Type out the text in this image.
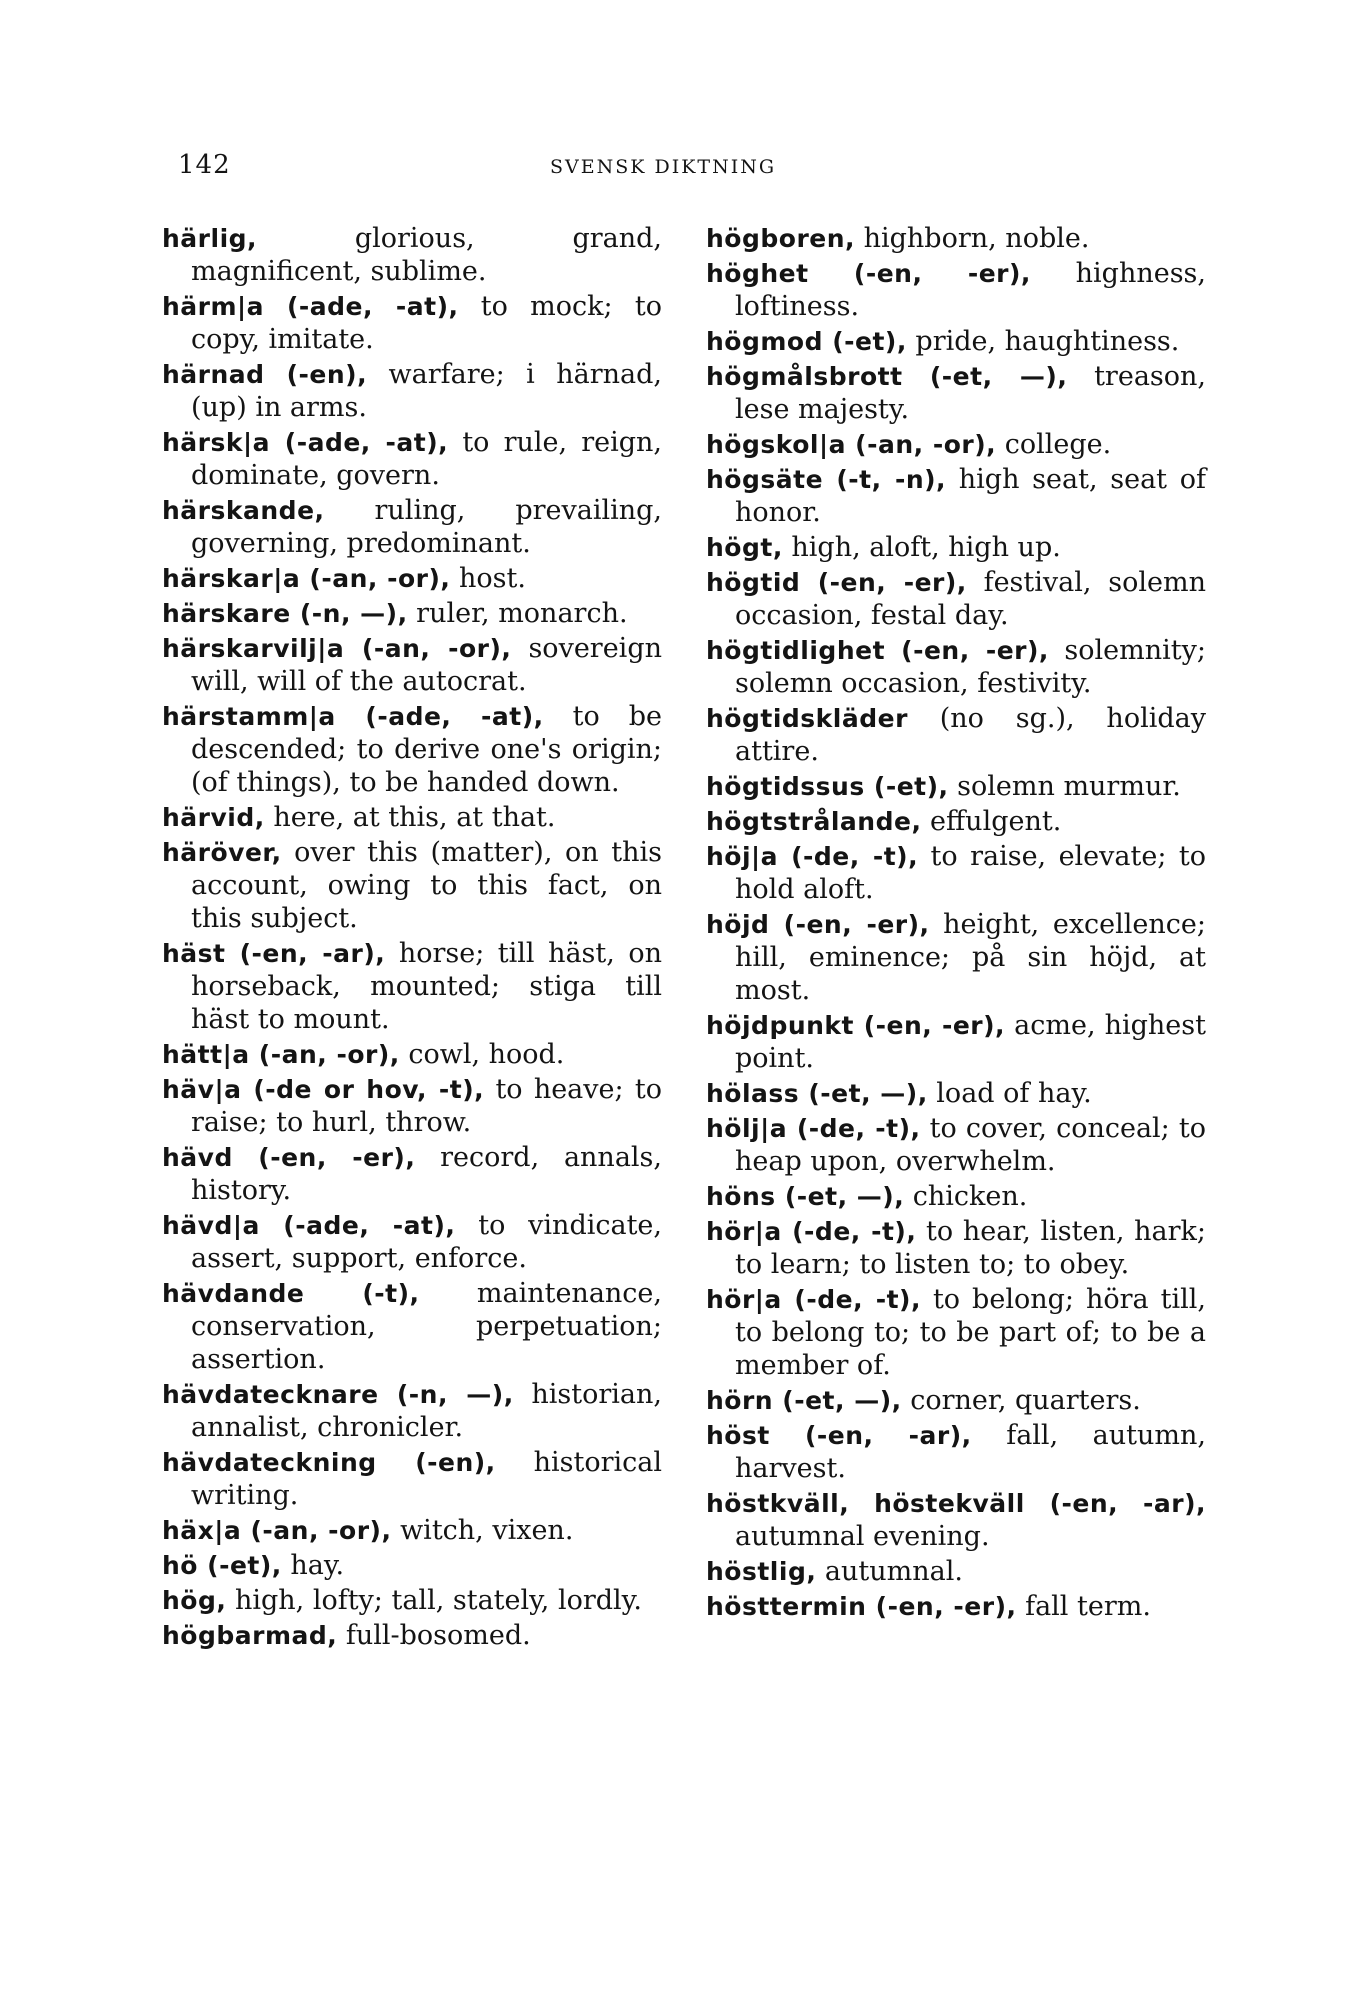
142	SVENSK DIKTNING
härlig, glorious, grand, magnificent, sublime.
härm|a (-ade, -at), to mock; to copy, imitate.
härnad (-en), warfare; i härnad, (up) in arms.
härsk|a (-ade, -at), to rule, reign, dominate, govern.
härskande, ruling, prevailing, governing, predominant.
härskar|a (-an, -or), host.
härskare (-n, —), ruler, monarch.
härskarvilj|a (-an, -or), sovereign will, will of the autocrat.
härstamm|a (-ade, -at), to be descended; to derive one's origin; (of things), to be handed down.
härvid, here, at this, at that.
häröver, over this (matter), on this account, owing to this fact, on this subject.
häst (-en, -ar), horse; till häst, on horseback, mounted; stiga till häst to mount.
hätt|a (-an, -or), cowl, hood.
häv|a (-de or hov, -t), to heave; to raise; to hurl, throw.
hävd (-en, -er), record, annals, history.
hävd|a (-ade, -at), to vindicate, assert, support, enforce.
hävdande (-t), maintenance, conservation, perpetuation; assertion.
hävdatecknare (-n, —), historian, annalist, chronicler.
hävdateckning (-en), historical writing.
häx|a (-an, -or), witch, vixen.
hö (-et), hay.
hög, high, lofty; tall, stately, lordly.
högbarmad, full-bosomed.
högboren, highborn, noble.
höghet (-en, -er), highness, loftiness.
högmod (-et), pride, haughtiness.
högmålsbrott (-et, —), treason, lese majesty.
högskol|a (-an, -or), college.
högsäte (-t, -n), high seat, seat of honor.
högt, high, aloft, high up.
högtid (-en, -er), festival, solemn occasion, festal day.
högtidlighet (-en, -er), solemnity; solemn occasion, festivity.
högtidskläder (no sg.), holiday attire.
högtidssus (-et), solemn murmur.
högtstrålande, effulgent.
höj|a (-de, -t), to raise, elevate; to hold aloft.
höjd (-en, -er), height, excellence; hill, eminence; på sin höjd, at most.
höjdpunkt (-en, -er), acme, highest point.
hölass (-et, —), load of hay.
hölj|a (-de, -t), to cover, conceal; to heap upon, overwhelm.
höns (-et, —), chicken.
hör|a (-de, -t), to hear, listen, hark; to learn; to listen to; to obey.
hör|a (-de, -t), to belong; höra till, to belong to; to be part of; to be a member of.
hörn (-et, —), corner, quarters.
höst (-en, -ar), fall, autumn, harvest.
höstkväll, höstekväll (-en, -ar), autumnal evening.
höstlig, autumnal.
hösttermin (-en, -er), fall term.
